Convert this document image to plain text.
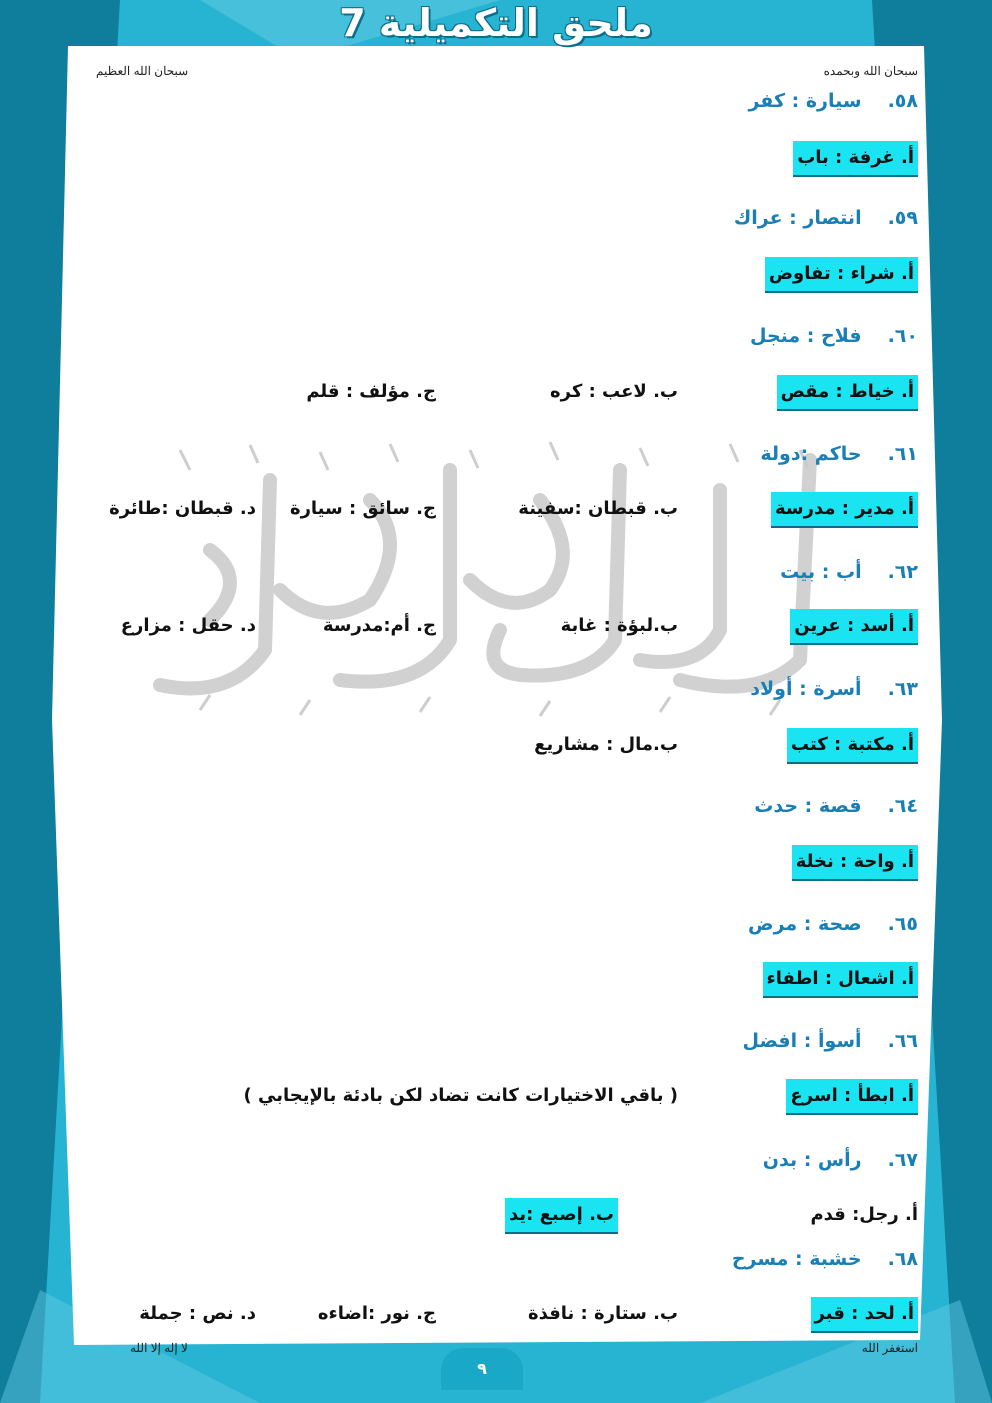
ملحق التكميلية 7
سبحان الله وبحمده
سبحان الله العظيم
٥٨.سيارة : كفر
أ. غرفة : باب
٥٩.انتصار : عراك
أ. شراء : تفاوض
٦٠.فلاح : منجل
أ. خياط : مقص
ب. لاعب : كره
ج. مؤلف : قلم
٦١.حاكم :دولة
أ. مدير : مدرسة
ب. قبطان :سفينة
ج. سائق : سيارة
د. قبطان :طائرة
٦٢.أب : بيت
أ. أسد : عرين
ب.لبؤة : غابة
ج. أم:مدرسة
د. حقل : مزارع
٦٣.أسرة : أولاد
أ. مكتبة : كتب
ب.مال : مشاريع
٦٤.قصة : حدث
أ. واحة : نخلة
٦٥.صحة : مرض
أ. اشعال : اطفاء
٦٦.أسوأ : افضل
أ. ابطأ : اسرع
( باقي الاختيارات كانت تضاد لكن بادئة بالإيجابي )
٦٧.رأس : بدن
أ. رجل: قدم
ب. إصبع :يد
٦٨.خشبة : مسرح
أ. لحد : قبر
ب. ستارة : نافذة
ج. نور :اضاءه
د. نص : جملة
استغفر الله
لا إله إلا الله
٩
